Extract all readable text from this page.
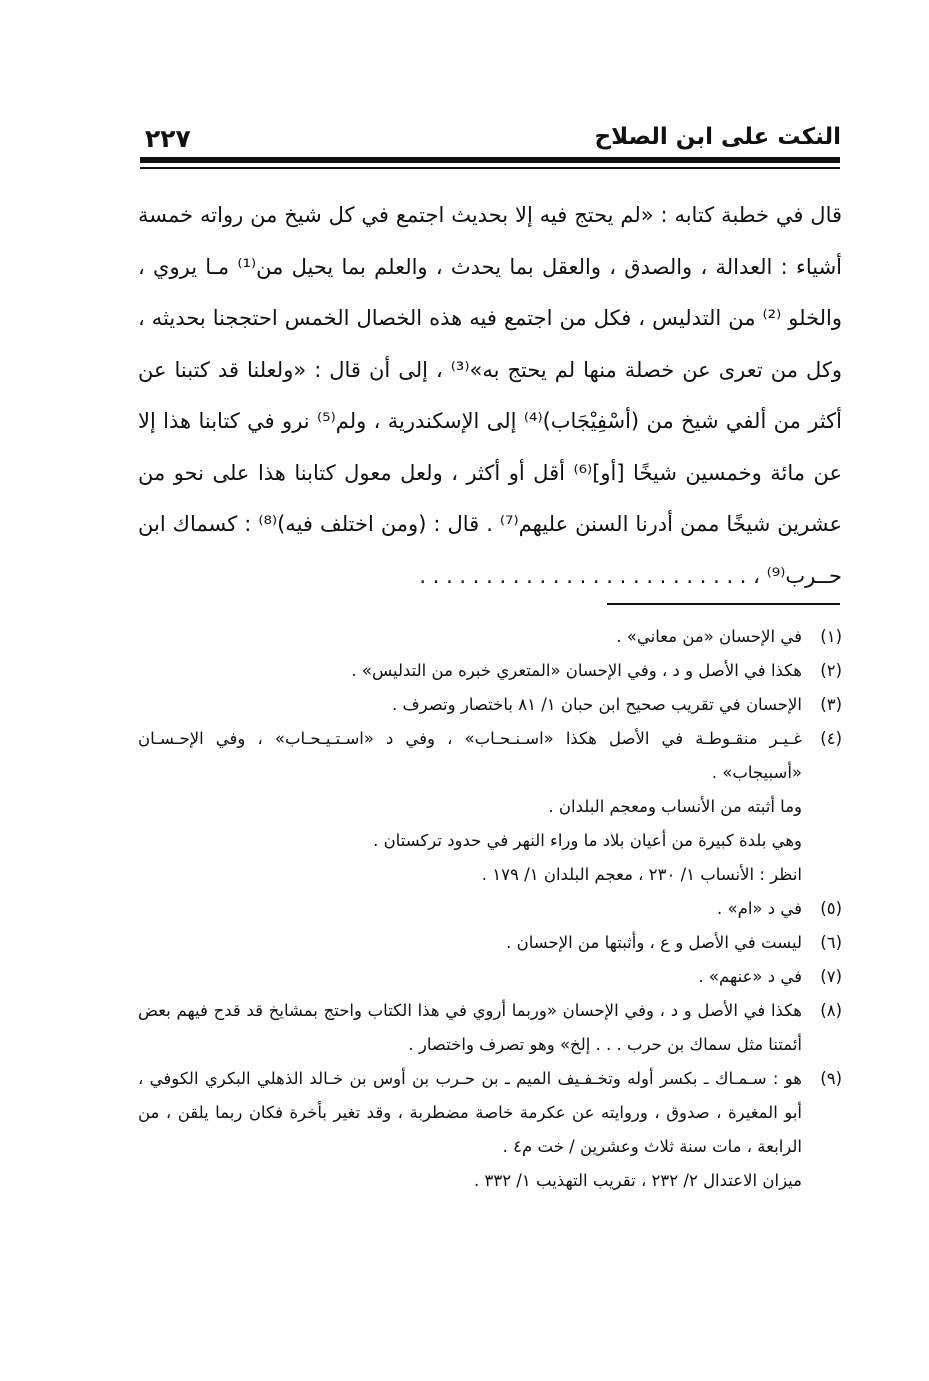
النكت على ابن الصلاح
٢٢٧

قال في خطبة كتابه : «لم يحتج فيه إلا بحديث اجتمع في كل شيخ من رواته خمسة أشياء : العدالة ، والصدق ، والعقل بما يحدث ، والعلم بما يحيل من⁽¹⁾ مـا يروي ، والخلو ⁽²⁾ من التدليس ، فكل من اجتمع فيه هذه الخصال الخمس احتججنا بحديثه ، وكل من تعرى عن خصلة منها لم يحتج به»⁽³⁾ ، إلى أن قال : «ولعلنا قد كتبنا عن أكثر من ألفي شيخ من (أسْفِيْجَاب)⁽⁴⁾ إلى الإسكندرية ، ولم⁽⁵⁾ نرو في كتابنا هذا إلا عن مائة وخمسين شيخًا [أو]⁽⁶⁾ أقل أو أكثر ، ولعل معول كتابنا هذا على نحو من عشرين شيخًا ممن أدرنا السنن عليهم⁽⁷⁾ . قال : (ومن اختلف فيه)⁽⁸⁾ : كسماك ابن حــرب⁽⁹⁾ ، . . . . . . . . . . . . . . . . . . . . . . . . .

(١)
في الإحسان «من معاني» .
(٢)
هكذا في الأصل و د ، وفي الإحسان «المتعري خبره من التدليس» .
(٣)
الإحسان في تقريب صحيح ابن حبان ١/ ٨١ باختصار وتصرف .
(٤)
غـيـر منقـوطـة في الأصل هكذا «اسـنـحـاب» ، وفي د «اسـتـيـحـاب» ، وفي الإحـسـان «أسبيجاب» .
وما أثبته من الأنساب ومعجم البلدان .
وهي بلدة كبيرة من أعيان بلاد ما وراء النهر في حدود تركستان .
انظر : الأنساب ١/ ٢٣٠ ، معجم البلدان ١/ ١٧٩ .
(٥)
في د «ام» .
(٦)
ليست في الأصل و ع ، وأثبتها من الإحسان .
(٧)
في د «عنهم» .
(٨)
هكذا في الأصل و د ، وفي الإحسان «وربما أروي في هذا الكتاب واحتج بمشايخ قد قدح فيهم بعض أئمتنا مثل سماك بن حرب . . . إلخ» وهو تصرف واختصار .
(٩)
هو : سـمـاك ـ بكسر أوله وتخـفـيف الميم ـ بن حـرب بن أوس بن خـالد الذهلي البكري الكوفي ، أبو المغيرة ، صدوق ، وروايته عن عكرمة خاصة مضطربة ، وقد تغير بأخرة فكان ربما يلقن ، من الرابعة ، مات سنة ثلاث وعشرين / خت م٤ .
ميزان الاعتدال ٢/ ٢٣٢ ، تقريب التهذيب ١/ ٣٣٢ .
